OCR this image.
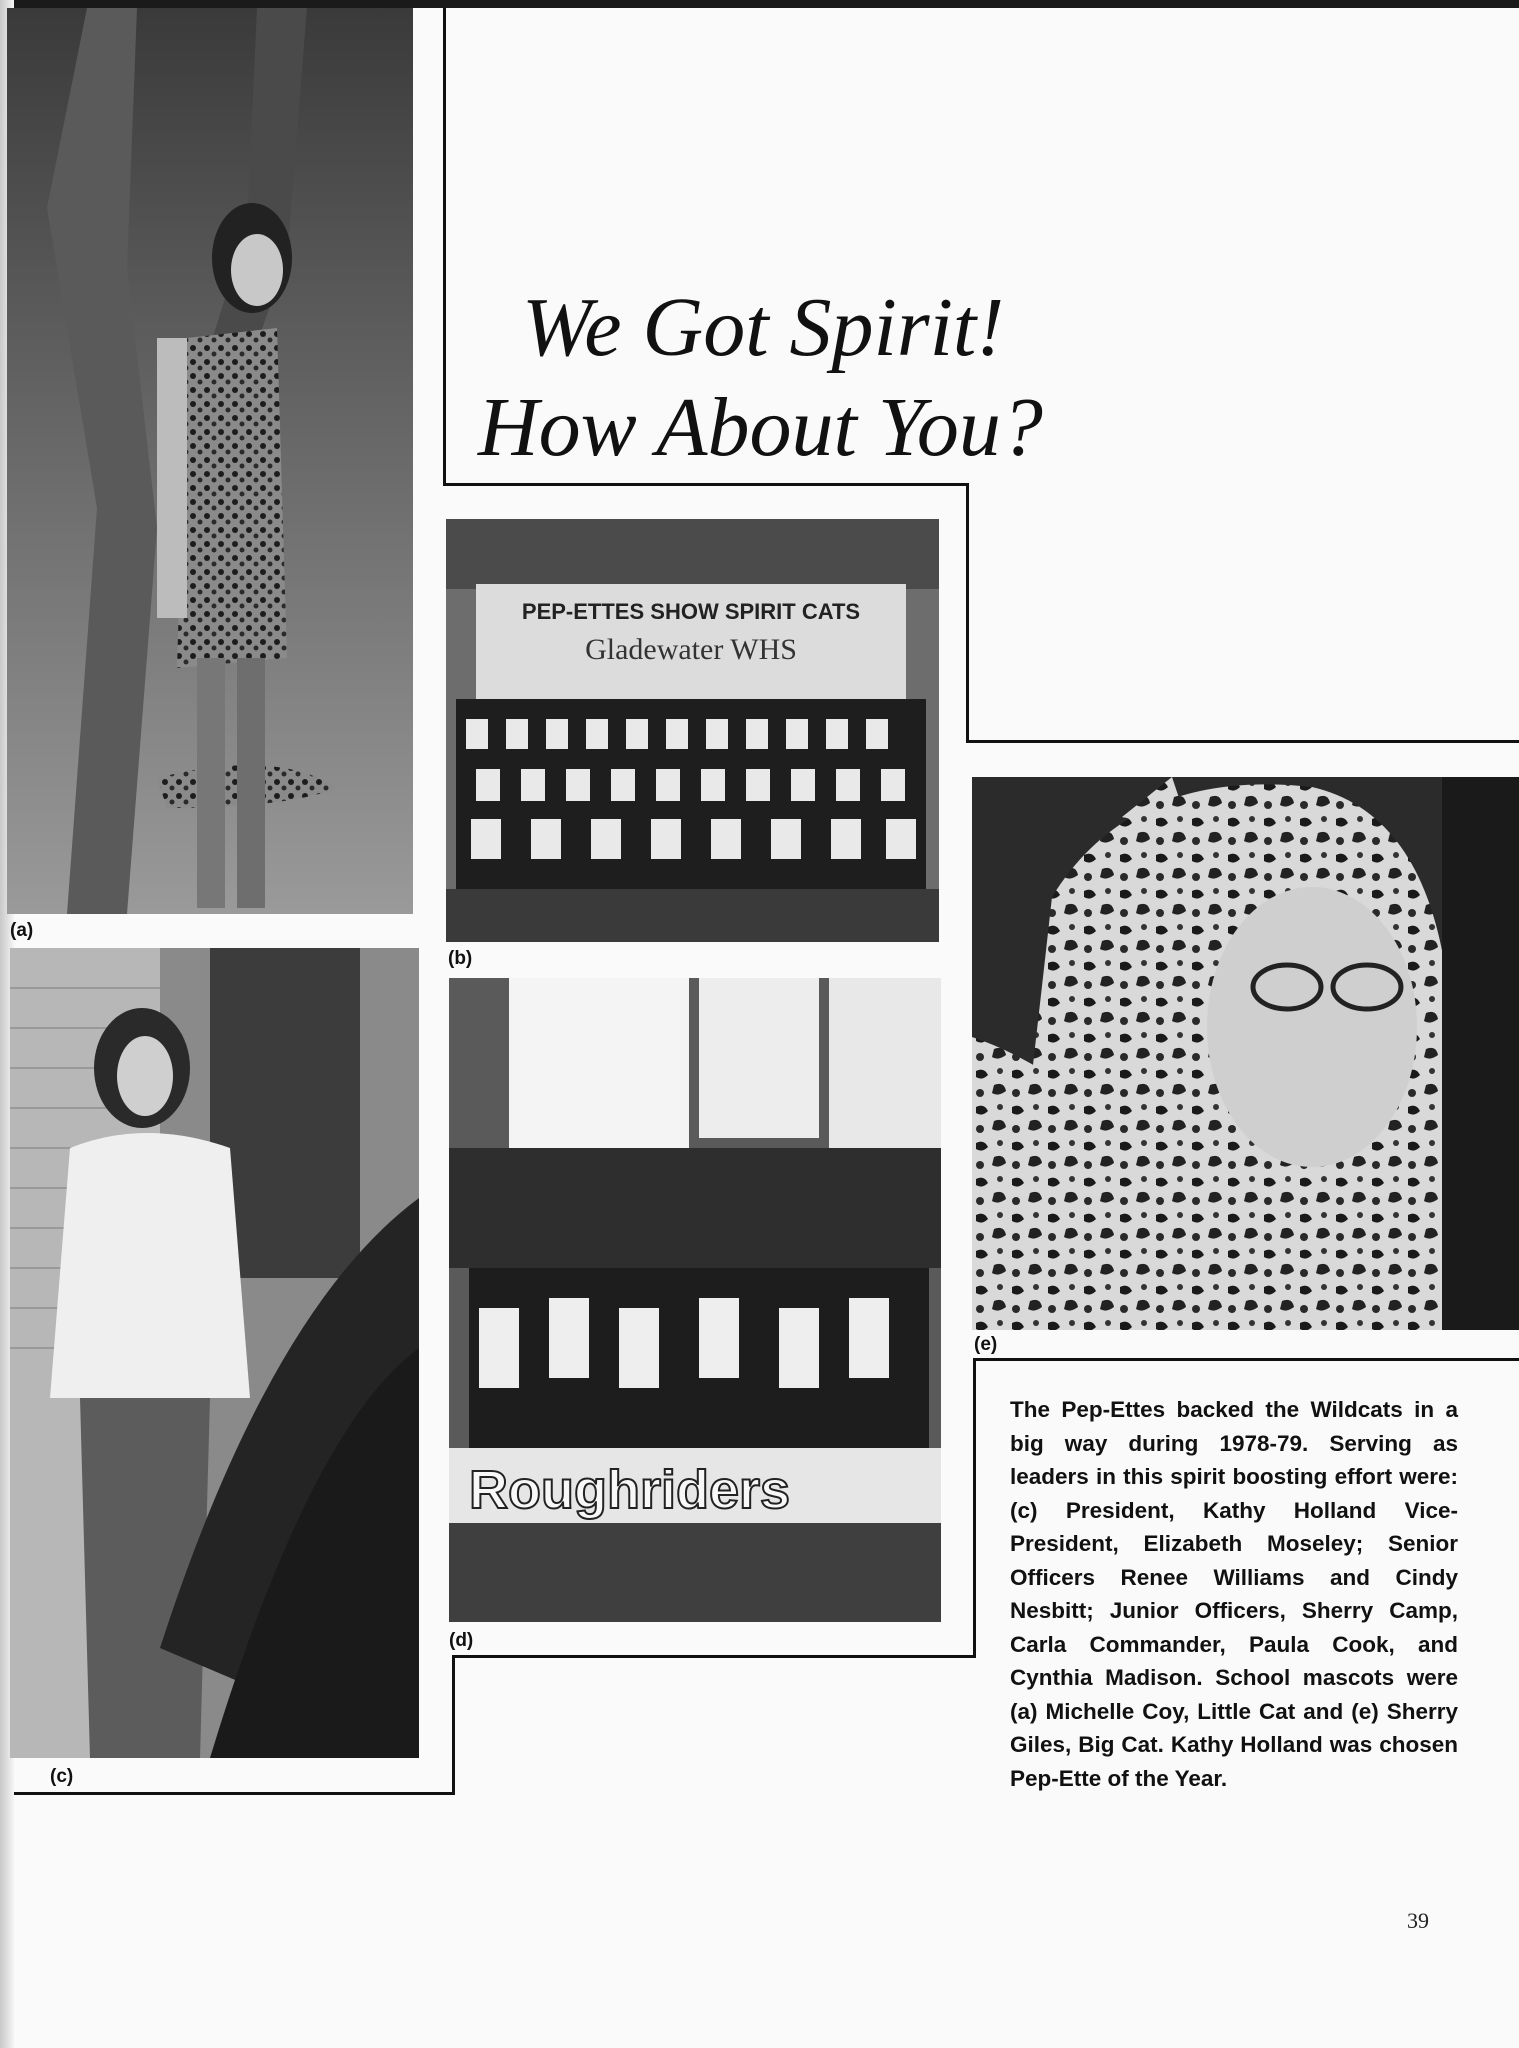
We Got Spirit!
How About You?
(a)
PEP-ETTES SHOW SPIRIT CATS
Gladewater WHS
(b)
(c)
Roughriders
(d)
(e)
The Pep-Ettes backed the Wildcats in a big way during 1978-79. Serving as leaders in this spirit boosting effort were: (c) President, Kathy Holland Vice-President, Elizabeth Moseley; Senior Officers Renee Williams and Cindy Nesbitt; Junior Officers, Sherry Camp, Carla Commander, Paula Cook, and Cynthia Madison. School mascots were (a) Michelle Coy, Little Cat and (e) Sherry Giles, Big Cat. Kathy Holland was chosen Pep-Ette of the Year.
39
